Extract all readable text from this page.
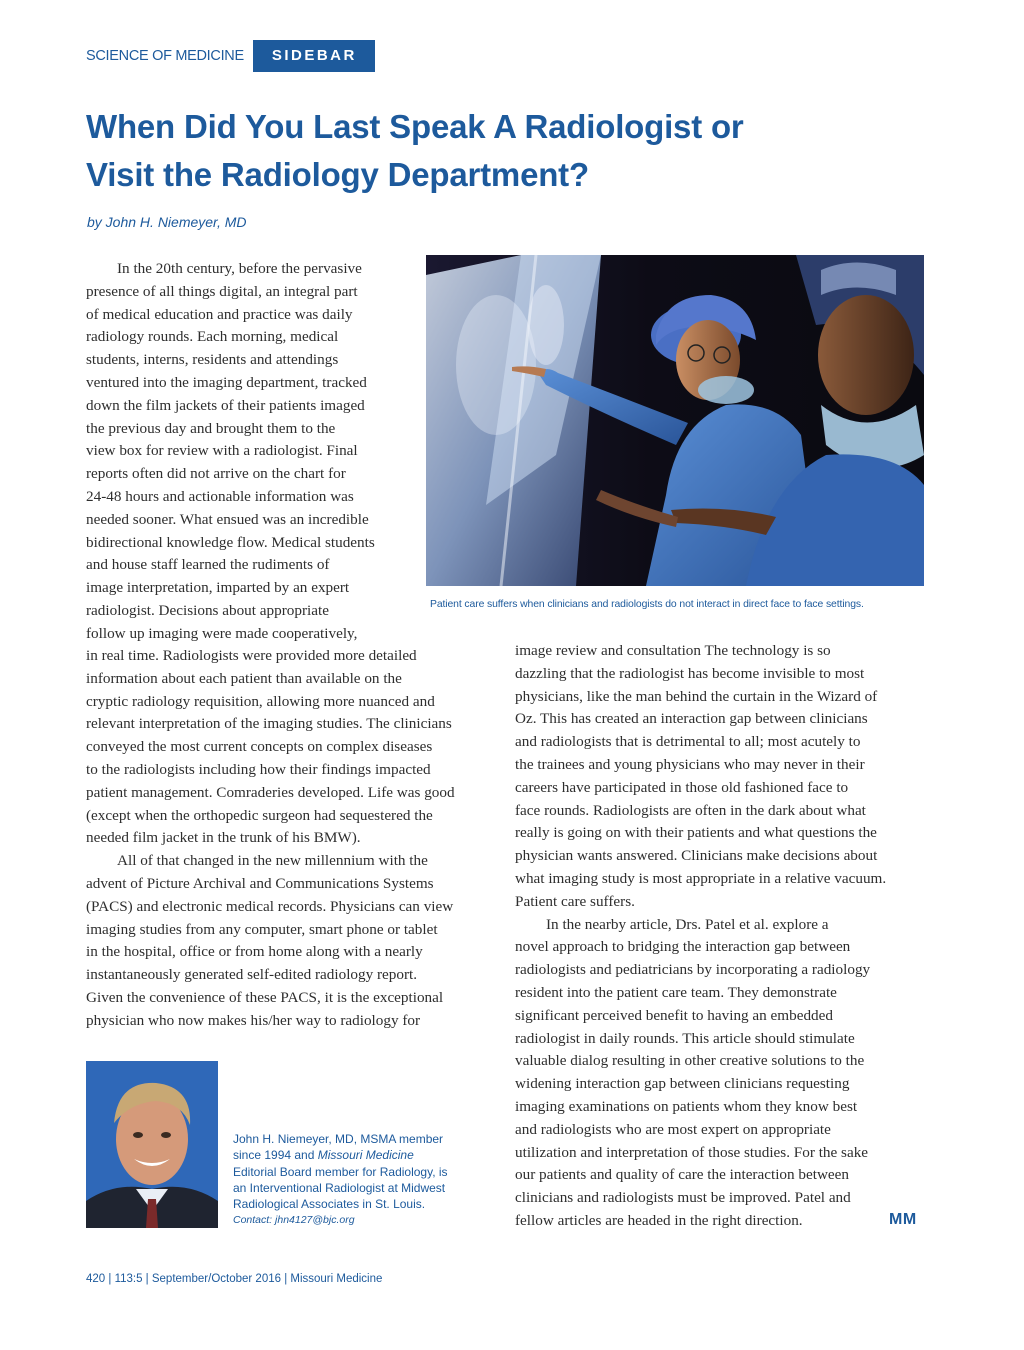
SCIENCE OF MEDICINE	SIDEBAR
When Did You Last Speak A Radiologist or
Visit the Radiology Department?
by John H. Niemeyer, MD
In the 20th century, before the pervasive
presence of all things digital, an integral part
of medical education and practice was daily
radiology rounds. Each morning, medical
students, interns, residents and attendings
ventured into the imaging department, tracked
down the film jackets of their patients imaged
the previous day and brought them to the
view box for review with a radiologist. Final
reports often did not arrive on the chart for
24-48 hours and actionable information was
needed sooner. What ensued was an incredible
bidirectional knowledge flow. Medical students
and house staff learned the rudiments of
image interpretation, imparted by an expert
radiologist. Decisions about appropriate
follow up imaging were made cooperatively,
in real time. Radiologists were provided more detailed
information about each patient than available on the
cryptic radiology requisition, allowing more nuanced and
relevant interpretation of the imaging studies. The clinicians
conveyed the most current concepts on complex diseases
to the radiologists including how their findings impacted
patient management. Comraderies developed. Life was good
(except when the orthopedic surgeon had sequestered the
needed film jacket in the trunk of his BMW).
All of that changed in the new millennium with the
advent of Picture Archival and Communications Systems
(PACS) and electronic medical records. Physicians can view
imaging studies from any computer, smart phone or tablet
in the hospital, office or from home along with a nearly
instantaneously generated self-edited radiology report.
Given the convenience of these PACS, it is the exceptional
physician who now makes his/her way to radiology for
image review and consultation The technology is so
dazzling that the radiologist has become invisible to most
physicians, like the man behind the curtain in the Wizard of
Oz. This has created an interaction gap between clinicians
and radiologists that is detrimental to all; most acutely to
the trainees and young physicians who may never in their
careers have participated in those old fashioned face to
face rounds. Radiologists are often in the dark about what
really is going on with their patients and what questions the
physician wants answered. Clinicians make decisions about
what imaging study is most appropriate in a relative vacuum.
Patient care suffers.
In the nearby article, Drs. Patel et al. explore a
novel approach to bridging the interaction gap between
radiologists and pediatricians by incorporating a radiology
resident into the patient care team. They demonstrate
significant perceived benefit to having an embedded
radiologist in daily rounds. This article should stimulate
valuable dialog resulting in other creative solutions to the
widening interaction gap between clinicians requesting
imaging examinations on patients whom they know best
and radiologists who are most expert on appropriate
utilization and interpretation of those studies. For the sake
our patients and quality of care the interaction between
clinicians and radiologists must be improved. Patel and
fellow articles are headed in the right direction.
Patient care suffers when clinicians and radiologists do not interact in direct face to face settings.
John H. Niemeyer, MD, MSMA member
since 1994 and Missouri Medicine
Editorial Board member for Radiology, is
an Interventional Radiologist at Midwest
Radiological Associates in St. Louis.
Contact: jhn4127@bjc.org	MM
420 | 113:5 | September/October 2016 | Missouri Medicine
